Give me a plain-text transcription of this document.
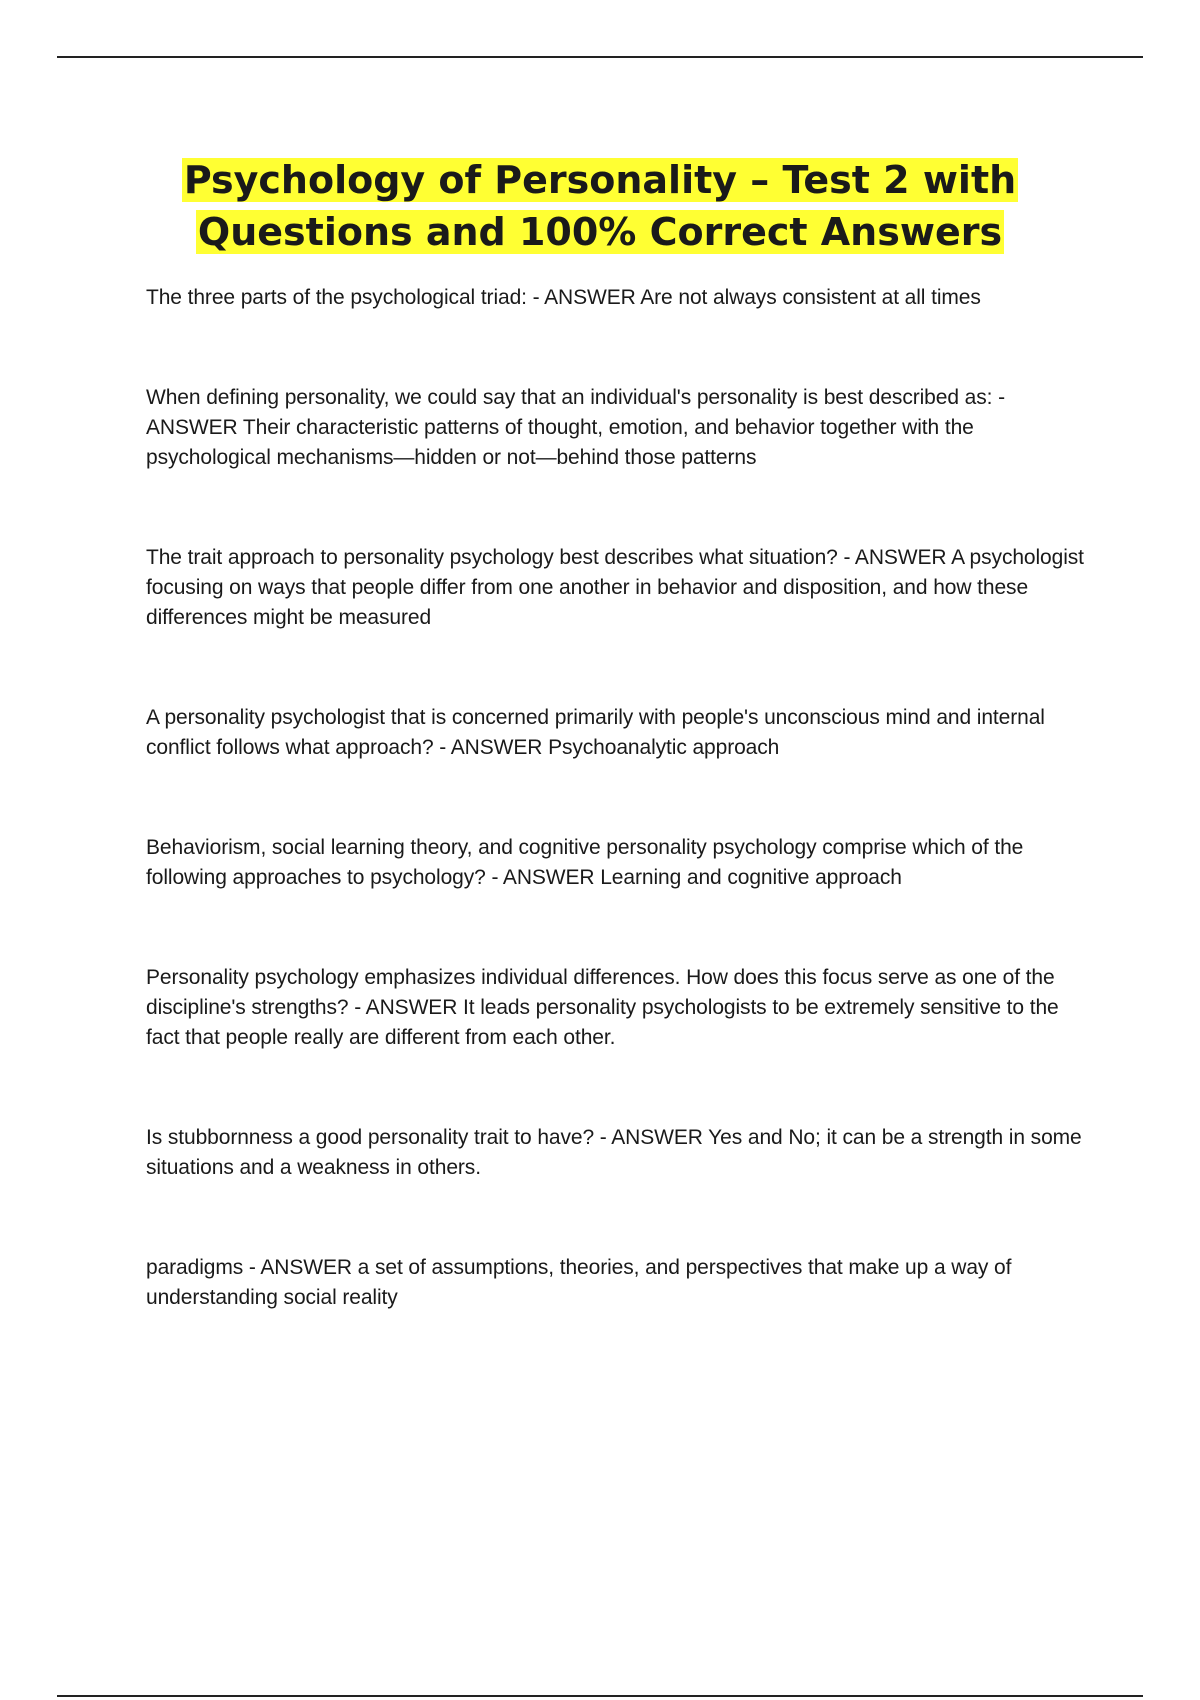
Psychology of Personality – Test 2 with
Questions and 100% Correct Answers
The three parts of the psychological triad: - ANSWER Are not always consistent at all times
When defining personality, we could say that an individual's personality is best described as: - ANSWER Their characteristic patterns of thought, emotion, and behavior together with the psychological mechanisms—hidden or not—behind those patterns
The trait approach to personality psychology best describes what situation? - ANSWER A psychologist focusing on ways that people differ from one another in behavior and disposition, and how these differences might be measured
A personality psychologist that is concerned primarily with people's unconscious mind and internal conflict follows what approach? - ANSWER Psychoanalytic approach
Behaviorism, social learning theory, and cognitive personality psychology comprise which of the following approaches to psychology? - ANSWER Learning and cognitive approach
Personality psychology emphasizes individual differences. How does this focus serve as one of the discipline's strengths? - ANSWER It leads personality psychologists to be extremely sensitive to the fact that people really are different from each other.
Is stubbornness a good personality trait to have? - ANSWER Yes and No; it can be a strength in some situations and a weakness in others.
paradigms - ANSWER a set of assumptions, theories, and perspectives that make up a way of understanding social reality
